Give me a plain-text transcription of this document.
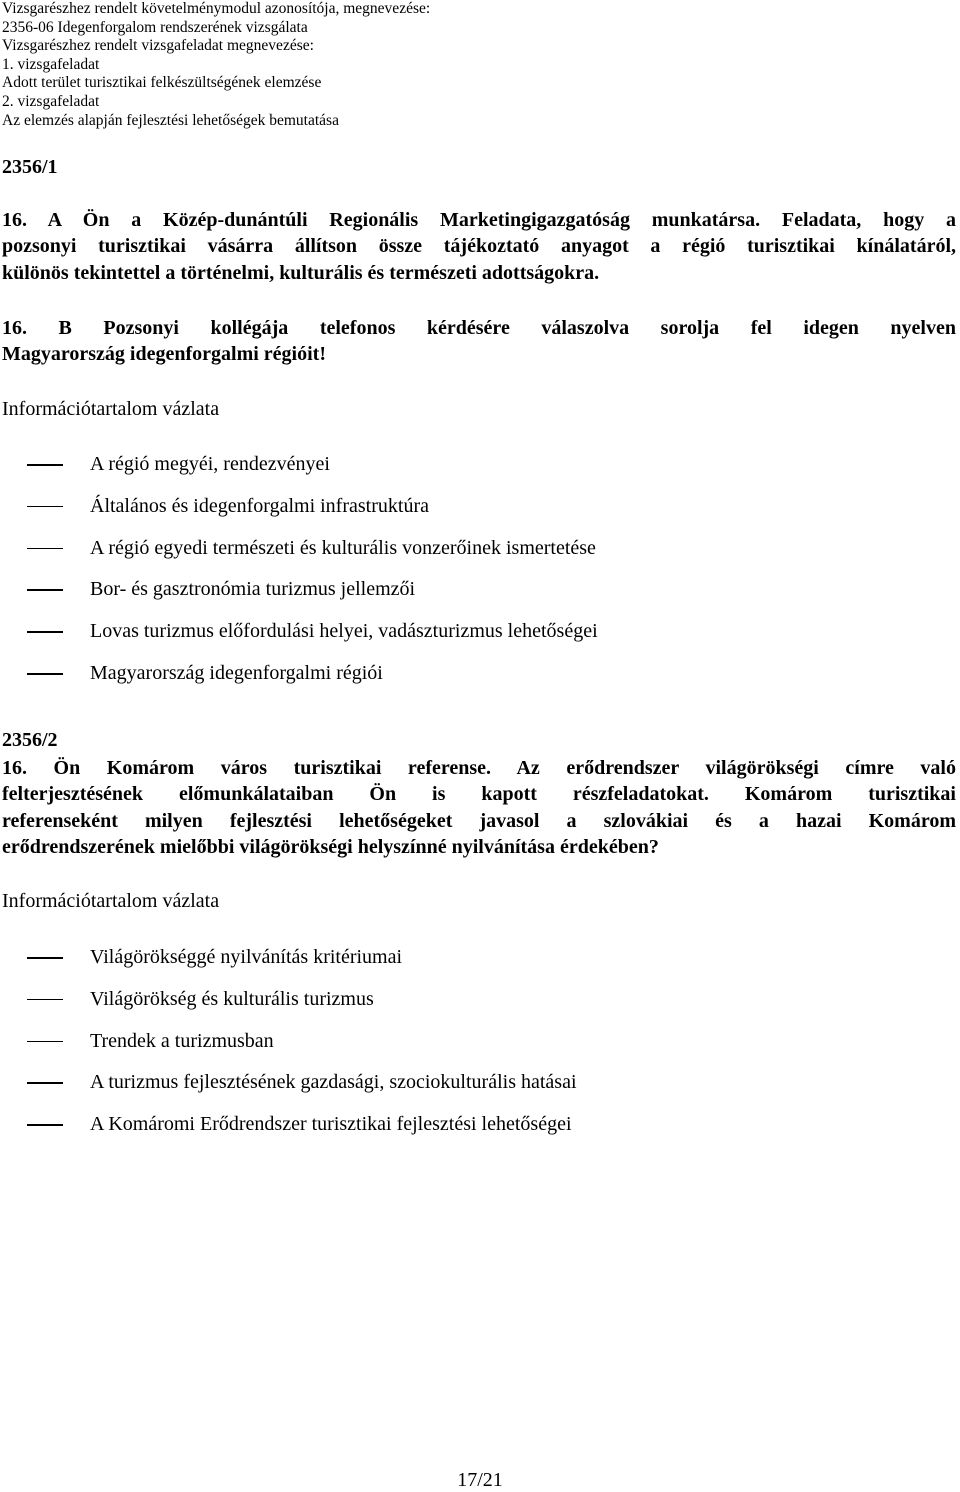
Vizsgarészhez rendelt követelménymodul azonosítója, megnevezése:
2356-06 Idegenforgalom rendszerének vizsgálata
Vizsgarészhez rendelt vizsgafeladat megnevezése:
1. vizsgafeladat
Adott terület turisztikai felkészültségének elemzése
2. vizsgafeladat
Az elemzés alapján fejlesztési lehetőségek bemutatása
2356/1
16. A Ön a Közép-dunántúli Regionális Marketingigazgatóság munkatársa. Feladata, hogy a
pozsonyi turisztikai vásárra állítson össze tájékoztató anyagot a régió turisztikai kínálatáról,
különös tekintettel a történelmi, kulturális és természeti adottságokra.
16. B Pozsonyi kollégája telefonos kérdésére válaszolva sorolja fel idegen nyelven
Magyarország idegenforgalmi régióit!
Információtartalom vázlata
A régió megyéi, rendezvényei
Általános és idegenforgalmi infrastruktúra
A régió egyedi természeti és kulturális vonzerőinek ismertetése
Bor- és gasztronómia turizmus jellemzői
Lovas turizmus előfordulási helyei, vadászturizmus lehetőségei
Magyarország idegenforgalmi régiói
2356/2
16. Ön Komárom város turisztikai referense. Az erődrendszer világörökségi címre való
felterjesztésének előmunkálataiban Ön is kapott részfeladatokat. Komárom turisztikai
referenseként milyen fejlesztési lehetőségeket javasol a szlovákiai és a hazai Komárom
erődrendszerének mielőbbi világörökségi helyszínné nyilvánítása érdekében?
Információtartalom vázlata
Világörökséggé nyilvánítás kritériumai
Világörökség és kulturális turizmus
Trendek a turizmusban
A turizmus fejlesztésének gazdasági, szociokulturális hatásai
A Komáromi Erődrendszer turisztikai fejlesztési lehetőségei
17/21
